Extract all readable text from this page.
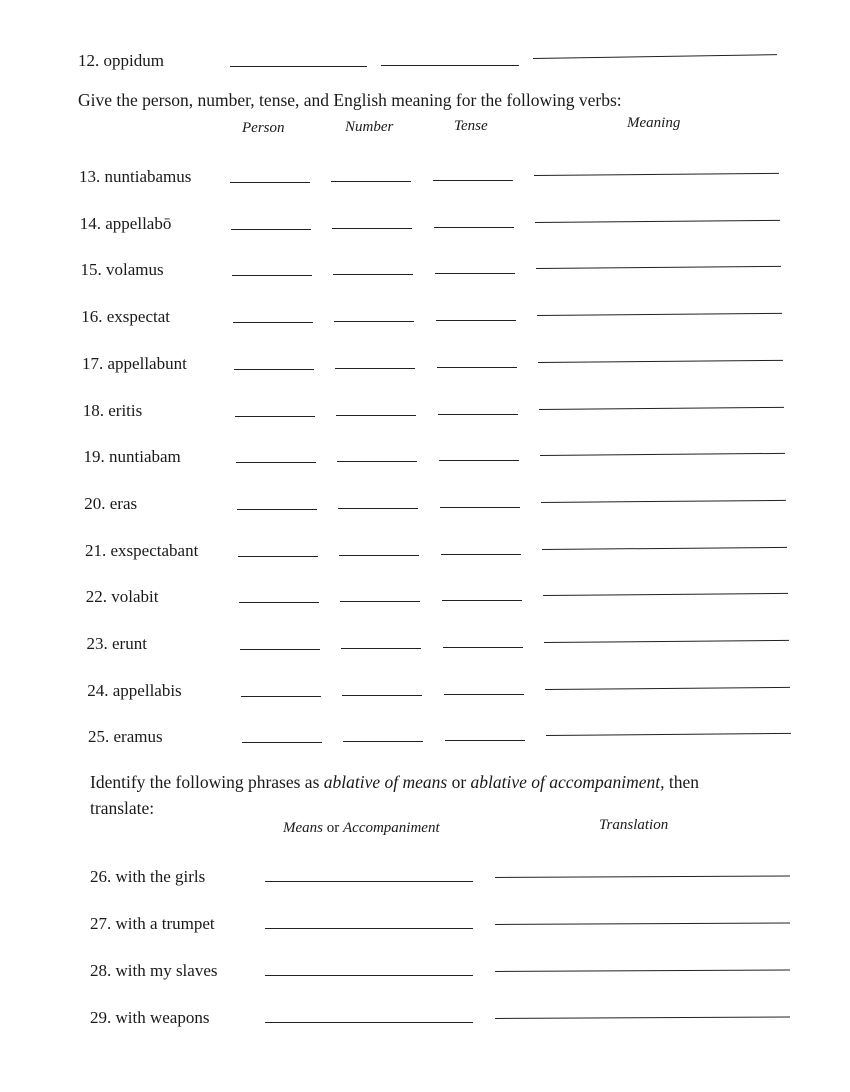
12. oppidum
Give the person, number, tense, and English meaning for the following verbs:
Person	Number	Tense	Meaning
13. nuntiabamus
14. appellabō
15. volamus
16. exspectat
17. appellabunt
18. eritis
19. nuntiabam
20. eras
21. exspectabant
22. volabit
23. erunt
24. appellabis
25. eramus
Identify the following phrases as ablative of means or ablative of accompaniment, then
translate:
Means or Accompaniment	Translation
26. with the girls
27. with a trumpet
28. with my slaves
29. with weapons
